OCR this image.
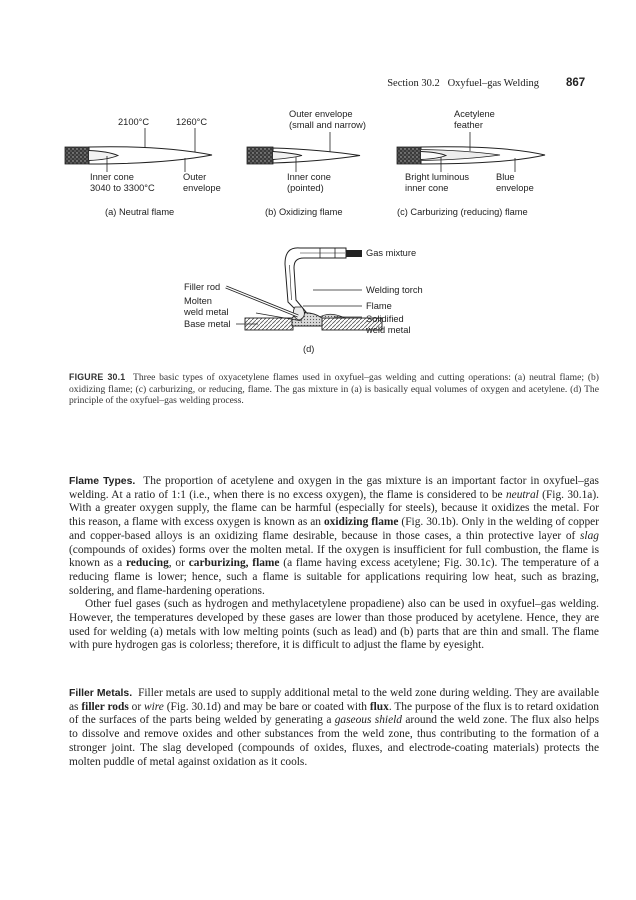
Section 30.2 Oxyfuel–gas Welding 867
2100°C	1260°C
Inner cone
3040 to 3300°C
Outer
envelope
(a) Neutral flame
Outer envelope
(small and narrow)
Inner cone
(pointed)
(b) Oxidizing flame
Acetylene
feather
Bright luminous
inner cone
Blue
envelope
(c) Carburizing (reducing) flame
Gas mixture
Filler rod
Molten
weld metal
Base metal
Welding torch
Flame
Solidified
weld metal
(d)
FIGURE 30.1 Three basic types of oxyacetylene flames used in oxyfuel–gas welding and cutting operations: (a) neutral flame; (b) oxidizing flame; (c) carburizing, or reducing, flame. The gas mixture in (a) is basically equal volumes of oxygen and acetylene. (d) The principle of the oxyfuel–gas welding process.
Flame Types. The proportion of acetylene and oxygen in the gas mixture is an important factor in oxyfuel–gas welding. At a ratio of 1:1 (i.e., when there is no excess oxygen), the flame is considered to be neutral (Fig. 30.1a). With a greater oxygen supply, the flame can be harmful (especially for steels), because it oxidizes the metal. For this reason, a flame with excess oxygen is known as an oxidizing flame (Fig. 30.1b). Only in the welding of copper and copper-based alloys is an oxidizing flame desirable, because in those cases, a thin protective layer of slag (compounds of oxides) forms over the molten metal. If the oxygen is insufficient for full combustion, the flame is known as a reducing, or carburizing, flame (a flame having excess acetylene; Fig. 30.1c). The temperature of a reducing flame is lower; hence, such a flame is suitable for applications requiring low heat, such as brazing, soldering, and flame-hardening operations.
Other fuel gases (such as hydrogen and methylacetylene propadiene) also can be used in oxyfuel–gas welding. However, the temperatures developed by these gases are lower than those produced by acetylene. Hence, they are used for welding (a) metals with low melting points (such as lead) and (b) parts that are thin and small. The flame with pure hydrogen gas is colorless; therefore, it is difficult to adjust the flame by eyesight.
Filler Metals. Filler metals are used to supply additional metal to the weld zone during welding. They are available as filler rods or wire (Fig. 30.1d) and may be bare or coated with flux. The purpose of the flux is to retard oxidation of the surfaces of the parts being welded by generating a gaseous shield around the weld zone. The flux also helps to dissolve and remove oxides and other substances from the weld zone, thus contributing to the formation of a stronger joint. The slag developed (compounds of oxides, fluxes, and electrode-coating materials) protects the molten puddle of metal against oxidation as it cools.
